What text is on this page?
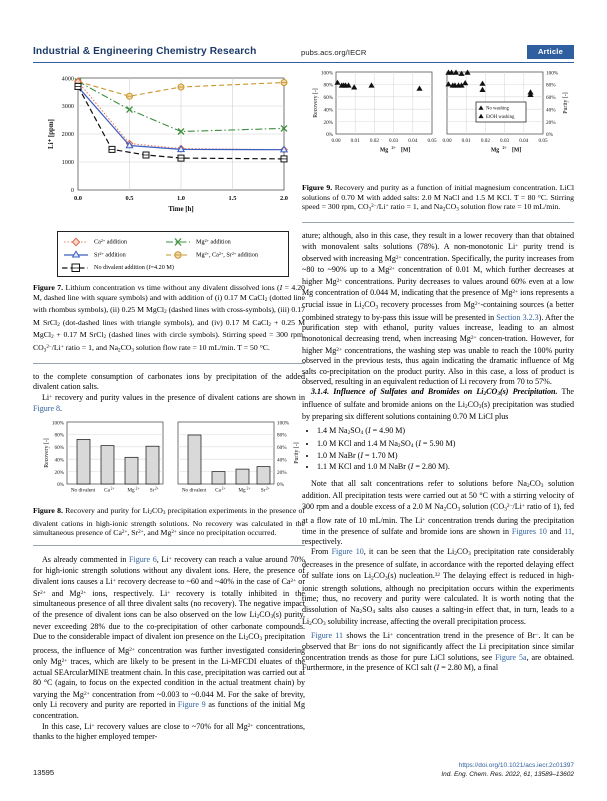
Industrial & Engineering Chemistry Research	pubs.acs.org/IECR	Article
0
1000
2000
3000
4000
0.0	0.5	1.0	1.5	2.0
Time [h]
Li⁺ [ppm]
$Ca^{2+}$ addition	$Mg^{2+}$ addition
$Sr^{2+}$ addition	$Mg^{2+}$, $Ca^{2+}$, $Sr^{2+}$ addition
No divalent addition (I=4.20 M)

Figure 7. Lithium concentration vs time without any divalent dissolved ions (I = 4.20 M, dashed line with square symbols) and with addition of (i) 0.17 M CaCl$_2$ (dotted line with rhombus symbols), (ii) 0.25 M MgCl$_2$ (dashed lines with cross-symbols), (iii) 0.17 M SrCl$_2$ (dot-dashed lines with triangle symbols), and (iv) 0.17 M CaCl$_2$ + 0.25 M MgCl$_2$ + 0.17 M SrCl$_2$ (dashed lines with circle symbols). Stirring speed = 300 rpm, $CO_3^{2-}/Li^+$ ratio = 1, and $Na_2CO_3$ solution flow rate = 10 mL/min. T = 50 °C.

to the complete consumption of carbonates ions by precipitation of the added divalent cation salts.

Li+ recovery and purity values in the presence of divalent cations are shown in Figure 8.

100%
80%
60%
40%
20%
0%
Recovery [-]
No divalent Ca 2+ Mg 2+ Sr 2+
100%
80%
60%
40%
20%
0%
Purity [-]
No divalent Ca 2+ Mg 2+ Sr 2+

Figure 8. Recovery and purity for $Li_2CO_3$ precipitation experiments in the presence of divalent cations in high-ionic strength solutions. No recovery was calculated in the simultaneous presence of $Ca^{2+}$, $Sr^{2+}$, and $Mg^{2+}$ since no precipitation occurred.

As already commented in Figure 6, Li+ recovery can reach a value around 70% for high-ionic strength solutions without any divalent ions. Here, the presence of divalent ions causes a Li+ recovery decrease to ~60 and ~40% in the case of $Ca^{2+}$ or $Sr^{2+}$ and $Mg^{2+}$ ions, respectively. Li+ recovery is totally inhibited in the simultaneous presence of all three divalent salts (no recovery). The negative impact of the presence of divalent ions can be also observed on the low $Li_2CO_3(s)$ purity, never exceeding 28% due to the co-precipitation of other carbonate compounds. Due to the considerable impact of divalent ion presence on the $Li_2CO_3$ precipitation process, the influence of $Mg^{2+}$ concentration was further investigated considering only $Mg^{2+}$ traces, which are likely to be present in the Li-MFCDI eluates of the actual SEArcularMINE treatment chain. In this case, precipitation was carried out at 80 °C (again, to focus on the expected condition in the actual treatment chain) by varying the $Mg^{2+}$ concentration from ~0.003 to ~0.044 M. For the sake of brevity, only Li recovery and purity are reported in Figure 9 as functions of the initial Mg concentration.

In this case, Li+ recovery values are close to ~70% for all $Mg^{2+}$ concentrations, thanks to the higher employed temper-

100%
80%
60%
40%
20%
0%
Recovery [-]
0.00 0.01 0.02 0.03 0.04 0.05
Mg 2+ [M]
100%
80%
60%
40%
20%
0%
Purity [-]
0.00 0.01 0.02 0.03 0.04 0.05
Mg 2+ [M]
No washing
EtOH washing

Figure 9. Recovery and purity as a function of initial magnesium concentration. LiCl solutions of 0.70 M with added salts: 2.0 M NaCl and 1.5 M KCl. T = 80 °C. Stirring speed = 300 rpm, $CO_3^{2-}/Li^+$ ratio = 1, and $Na_2CO_3$ solution flow rate = 10 mL/min.

ature; although, also in this case, they result in a lower recovery than that obtained with monovalent salts solutions (78%). A non-monotonic Li+ purity trend is observed with increasing $Mg^{2+}$ concentration. Specifically, the purity increases from ~80 to ~90% up to a $Mg^{2+}$ concentration of 0.01 M, which further decreases at higher $Mg^{2+}$ concentrations. Purity decreases to values around 60% even at a low Mg concentration of 0.044 M, indicating that the presence of $Mg^{2+}$ ions represents a crucial issue in $Li_2CO_3$ recovery processes from $Mg^{2+}$-containing sources (a better combined strategy to by-pass this issue will be presented in Section 3.2.3). After the purification step with ethanol, purity values increase, leading to an almost monotonical decreasing trend, when increasing $Mg^{2+}$ concen-tration. However, for higher $Mg^{2+}$ concentrations, the washing step was unable to reach the 100% purity observed in the previous tests, thus again indicating the dramatic influence of Mg salts co-precipitation on the product purity. Also in this case, a loss of product is observed, resulting in an equivalent reduction of Li recovery from 70 to 57%.

3.1.4. Influence of Sulfates and Bromides on $Li_2CO_3(s)$ Precipitation. The influence of sulfate and bromide anions on the $Li_2CO_3(s)$ precipitation was studied by preparing six different solutions containing 0.70 M LiCl plus

• 1.4 M $Na_2SO_4$ (I = 4.90 M)
• 1.0 M KCl and 1.4 M $Na_2SO_4$ (I = 5.90 M)
• 1.0 M NaBr (I = 1.70 M)
• 1.1 M KCl and 1.0 M NaBr (I = 2.80 M).

Note that all salt concentrations refer to solutions before $Na_2CO_3$ solution addition. All precipitation tests were carried out at 50 °C with a stirring velocity of 300 rpm and a double excess of a 2.0 M $Na_2CO_3$ solution ($CO_3^{2-}/Li^+$ ratio of 1), fed at a flow rate of 10 mL/min. The Li+ concentration trends during the precipitation time in the presence of sulfate and bromide ions are shown in Figures 10 and 11, respectively.

From Figure 10, it can be seen that the $Li_2CO_3$ precipitation rate considerably decreases in the presence of sulfate, in accordance with the reported delaying effect of sulfate ions on $Li_2CO_3(s)$ nucleation.$^{32}$ The delaying effect is reduced in high-ionic strength solutions, although no precipitation occurs within the experiments time; thus, no recovery and purity were calculated. It is worth noting that the dissolution of $Na_2SO_4$ salts also causes a salting-in effect that, in turn, leads to a $Li_2CO_3$ solubility increase, affecting the overall precipitation process.

Figure 11 shows the Li+ concentration trend in the presence of Br−. It can be observed that Br− ions do not significantly affect the Li precipitation since similar concentration trends as those for pure LiCl solutions, see Figure 5a, are obtained. Furthermore, in the presence of KCl salt (I = 2.80 M), a final

13595
https://doi.org/10.1021/acs.iecr.2c01397
Ind. Eng. Chem. Res. 2022, 61, 13589–13602
